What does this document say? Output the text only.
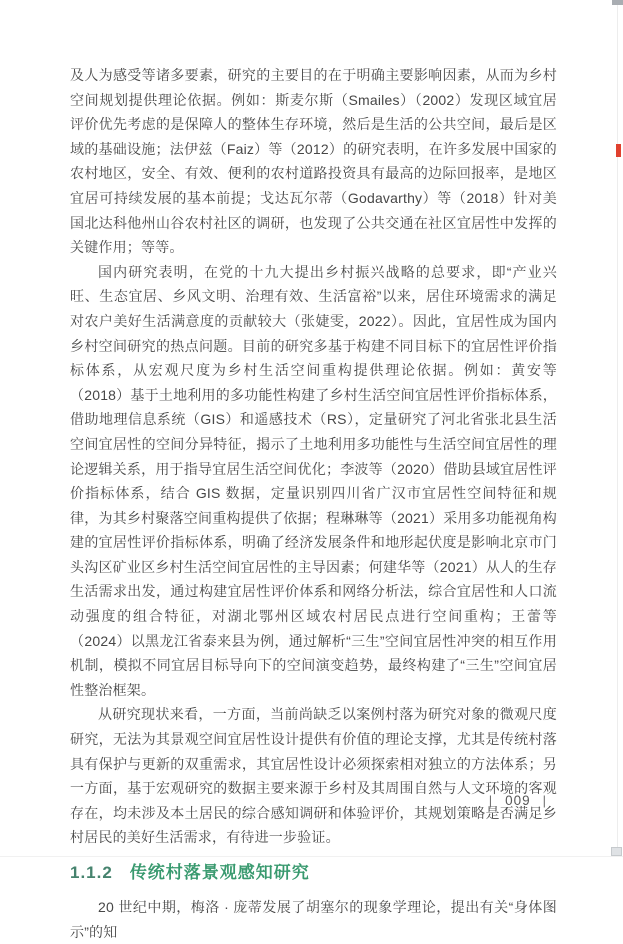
及人为感受等诸多要素，研究的主要目的在于明确主要影响因素，从而为乡村空间规划提供理论依据。例如：斯麦尔斯（Smailes）（2002）发现区域宜居评价优先考虑的是保障人的整体生存环境，然后是生活的公共空间，最后是区域的基础设施；法伊兹（Faiz）等（2012）的研究表明，在许多发展中国家的农村地区，安全、有效、便利的农村道路投资具有最高的边际回报率，是地区宜居可持续发展的基本前提；戈达瓦尔蒂（Godavarthy）等（2018）针对美国北达科他州山谷农村社区的调研，也发现了公共交通在社区宜居性中发挥的关键作用；等等。

国内研究表明，在党的十九大提出乡村振兴战略的总要求，即“产业兴旺、生态宜居、乡风文明、治理有效、生活富裕”以来，居住环境需求的满足对农户美好生活满意度的贡献较大（张婕雯，2022）。因此，宜居性成为国内乡村空间研究的热点问题。目前的研究多基于构建不同目标下的宜居性评价指标体系，从宏观尺度为乡村生活空间重构提供理论依据。例如：黄安等（2018）基于土地利用的多功能性构建了乡村生活空间宜居性评价指标体系，借助地理信息系统（GIS）和遥感技术（RS），定量研究了河北省张北县生活空间宜居性的空间分异特征，揭示了土地利用多功能性与生活空间宜居性的理论逻辑关系，用于指导宜居生活空间优化；李波等（2020）借助县域宜居性评价指标体系，结合 GIS 数据，定量识别四川省广汉市宜居性空间特征和规律，为其乡村聚落空间重构提供了依据；程琳琳等（2021）采用多功能视角构建的宜居性评价指标体系，明确了经济发展条件和地形起伏度是影响北京市门头沟区矿业区乡村生活空间宜居性的主导因素；何建华等（2021）从人的生存生活需求出发，通过构建宜居性评价体系和网络分析法，综合宜居性和人口流动强度的组合特征，对湖北鄂州区域农村居民点进行空间重构；王蕾等（2024）以黑龙江省泰来县为例，通过解析“三生”空间宜居性冲突的相互作用机制，模拟不同宜居目标导向下的空间演变趋势，最终构建了“三生”空间宜居性整治框架。

从研究现状来看，一方面，当前尚缺乏以案例村落为研究对象的微观尺度研究，无法为其景观空间宜居性设计提供有价值的理论支撑，尤其是传统村落具有保护与更新的双重需求，其宜居性设计必须探索相对独立的方法体系；另一方面，基于宏观研究的数据主要来源于乡村及其周围自然与人文环境的客观存在，均未涉及本土居民的综合感知调研和体验评价，其规划策略是否满足乡村居民的美好生活需求，有待进一步验证。

1.1.2 传统村落景观感知研究

20 世纪中期，梅洛 · 庞蒂发展了胡塞尔的现象学理论，提出有关“身体图示”的知

| 009 |
